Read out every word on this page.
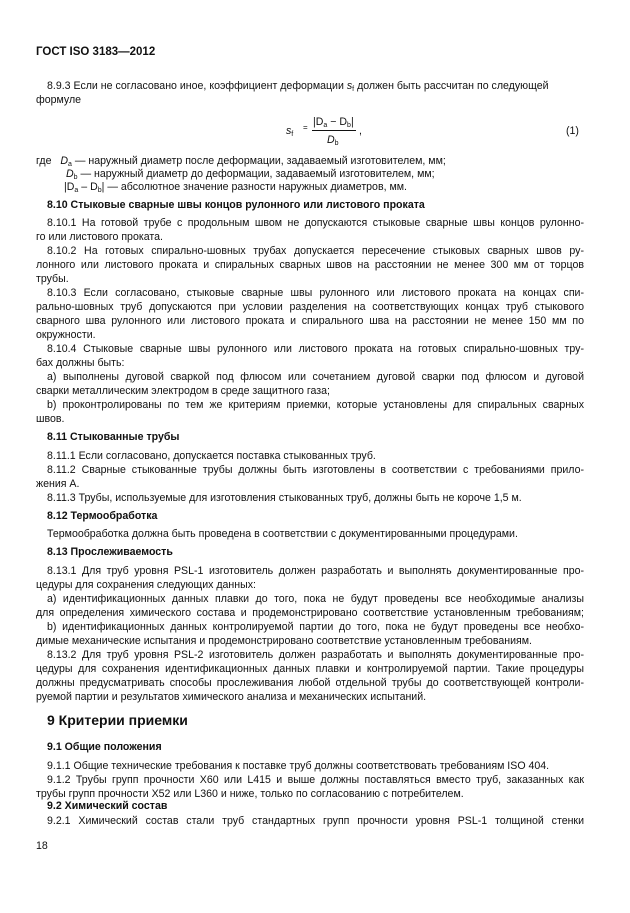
ГОСТ ISO 3183—2012
8.9.3 Если не согласовано иное, коэффициент деформации $s_f$ должен быть рассчитан по следующей
формуле
$s_f$
= $|D_a - D_b|$
$D_b$
,	(1)
где $D_a$ — наружный диаметр после деформации, задаваемый изготовителем, мм;
$D_b$ — наружный диаметр до деформации, задаваемый изготовителем, мм;
$|D_a - D_b|$ — абсолютное значение разности наружных диаметров, мм.
8.10 Стыковые сварные швы концов рулонного или листового проката
8.10.1 На готовой трубе с продольным швом не допускаются стыковые сварные швы концов рулонно-
го или листового проката.
8.10.2 На готовых спирально-шовных трубах допускается пересечение стыковых сварных швов ру-
лонного или листового проката и спиральных сварных швов на расстоянии не менее 300 мм от торцов
трубы.
8.10.3 Если согласовано, стыковые сварные швы рулонного или листового проката на концах спи-
рально-шовных труб допускаются при условии разделения на соответствующих концах труб стыкового
сварного шва рулонного или листового проката и спирального шва на расстоянии не менее 150 мм по
окружности.
8.10.4 Стыковые сварные швы рулонного или листового проката на готовых спирально-шовных тру-
бах должны быть:
а) выполнены дуговой сваркой под флюсом или сочетанием дуговой сварки под флюсом и дуговой
сварки металлическим электродом в среде защитного газа;
b) проконтролированы по тем же критериям приемки, которые установлены для спиральных сварных
швов.
8.11 Стыкованные трубы
8.11.1 Если согласовано, допускается поставка стыкованных труб.
8.11.2 Сварные стыкованные трубы должны быть изготовлены в соответствии с требованиями прило-
жения А.
8.11.3 Трубы, используемые для изготовления стыкованных труб, должны быть не короче 1,5 м.
8.12 Термообработка
Термообработка должна быть проведена в соответствии с документированными процедурами.
8.13 Прослеживаемость
8.13.1 Для труб уровня PSL-1 изготовитель должен разработать и выполнять документированные про-
цедуры для сохранения следующих данных:
а) идентификационных данных плавки до того, пока не будут проведены все необходимые анализы
для определения химического состава и продемонстрировано соответствие установленным требованиям;
b) идентификационных данных контролируемой партии до того, пока не будут проведены все необхо-
димые механические испытания и продемонстрировано соответствие установленным требованиям.
8.13.2 Для труб уровня PSL-2 изготовитель должен разработать и выполнять документированные про-
цедуры для сохранения идентификационных данных плавки и контролируемой партии. Такие процедуры
должны предусматривать способы прослеживания любой отдельной трубы до соответствующей контроли-
руемой партии и результатов химического анализа и механических испытаний.
9 Критерии приемки
9.1 Общие положения
9.1.1 Общие технические требования к поставке труб должны соответствовать требованиям ISO 404.
9.1.2 Трубы групп прочности Х60 или L415 и выше должны поставляться вместо труб, заказанных как
трубы групп прочности Х52 или L360 и ниже, только по согласованию с потребителем.
9.2 Химический состав
9.2.1 Химический состав стали труб стандартных групп прочности уровня PSL-1 толщиной стенки
18
